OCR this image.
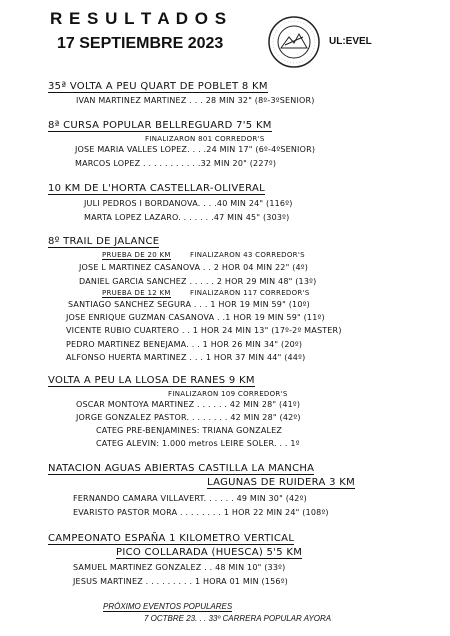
R E S U L T A D O S
17 SEPTIEMBRE 2023	UL:EVEL
35ª VOLTA A PEU QUART DE POBLET 8 KM
IVAN MARTINEZ MARTINEZ . . . 28 MIN 32" (8º-3ºSENIOR)
8ª CURSA POPULAR BELLREGUARD 7'5 KM
FINALIZARON 801 CORREDOR'S
JOSE MARIA VALLES LOPEZ. . . .24 MIN 17" (6º-4ºSENIOR)
MARCOS LOPEZ . . . . . . . . . . .32 MIN 20" (227º)
10 KM DE L'HORTA CASTELLAR-OLIVERAL
JULI PEDROS I BORDANOVA. . . .40 MIN 24" (116º)
MARTA LOPEZ LAZARO. . . . . . .47 MIN 45" (303º)
8º TRAIL DE JALANCE
PRUEBA DE 20 KM	FINALIZARON 43 CORREDOR'S
JOSE L MARTINEZ CASANOVA . . 2 HOR 04 MIN 22" (4º)
DANIEL GARCIA SANCHEZ . . . . . 2 HOR 29 MIN 48" (13º)
PRUEBA DE 12 KM	FINALIZARON 117 CORREDOR'S
SANTIAGO SANCHEZ SEGURA . . . 1 HOR 19 MIN 59" (10º)
JOSE ENRIQUE GUZMAN CASANOVA . .1 HOR 19 MIN 59" (11º)
VICENTE RUBIO CUARTERO . . 1 HOR 24 MIN 13" (17º-2º MASTER)
PEDRO MARTINEZ BENEJAMA. . . 1 HOR 26 MIN 34" (20º)
ALFONSO HUERTA MARTINEZ . . . 1 HOR 37 MIN 44" (44º)
VOLTA A PEU LA LLOSA DE RANES 9 KM
FINALIZARON 109 CORREDOR'S
OSCAR MONTOYA MARTINEZ . . . . . . 42 MIN 28" (41º)
JORGE GONZALEZ PASTOR. . . . . . . . 42 MIN 28" (42º)
CATEG PRE-BENJAMINES: TRIANA GONZALEZ
CATEG ALEVIN: 1.000 metros LEIRE SOLER. . . 1º
NATACION AGUAS ABIERTAS CASTILLA LA MANCHA
LAGUNAS DE RUIDERA 3 KM
FERNANDO CAMARA VILLAVERT. . . . . . 49 MIN 30" (42º)
EVARISTO PASTOR MORA . . . . . . . . 1 HOR 22 MIN 24" (108º)
CAMPEONATO ESPAÑA 1 KILOMETRO VERTICAL
PICO COLLARADA (HUESCA) 5'5 KM
SAMUEL MARTINEZ GONZALEZ . . 48 MIN 10" (33º)
JESUS MARTINEZ . . . . . . . . . 1 HORA 01 MIN (156º)
PRÓXIMO EVENTOS POPULARES
7 OCTBRE 23. . . 33º CARRERA POPULAR AYORA
